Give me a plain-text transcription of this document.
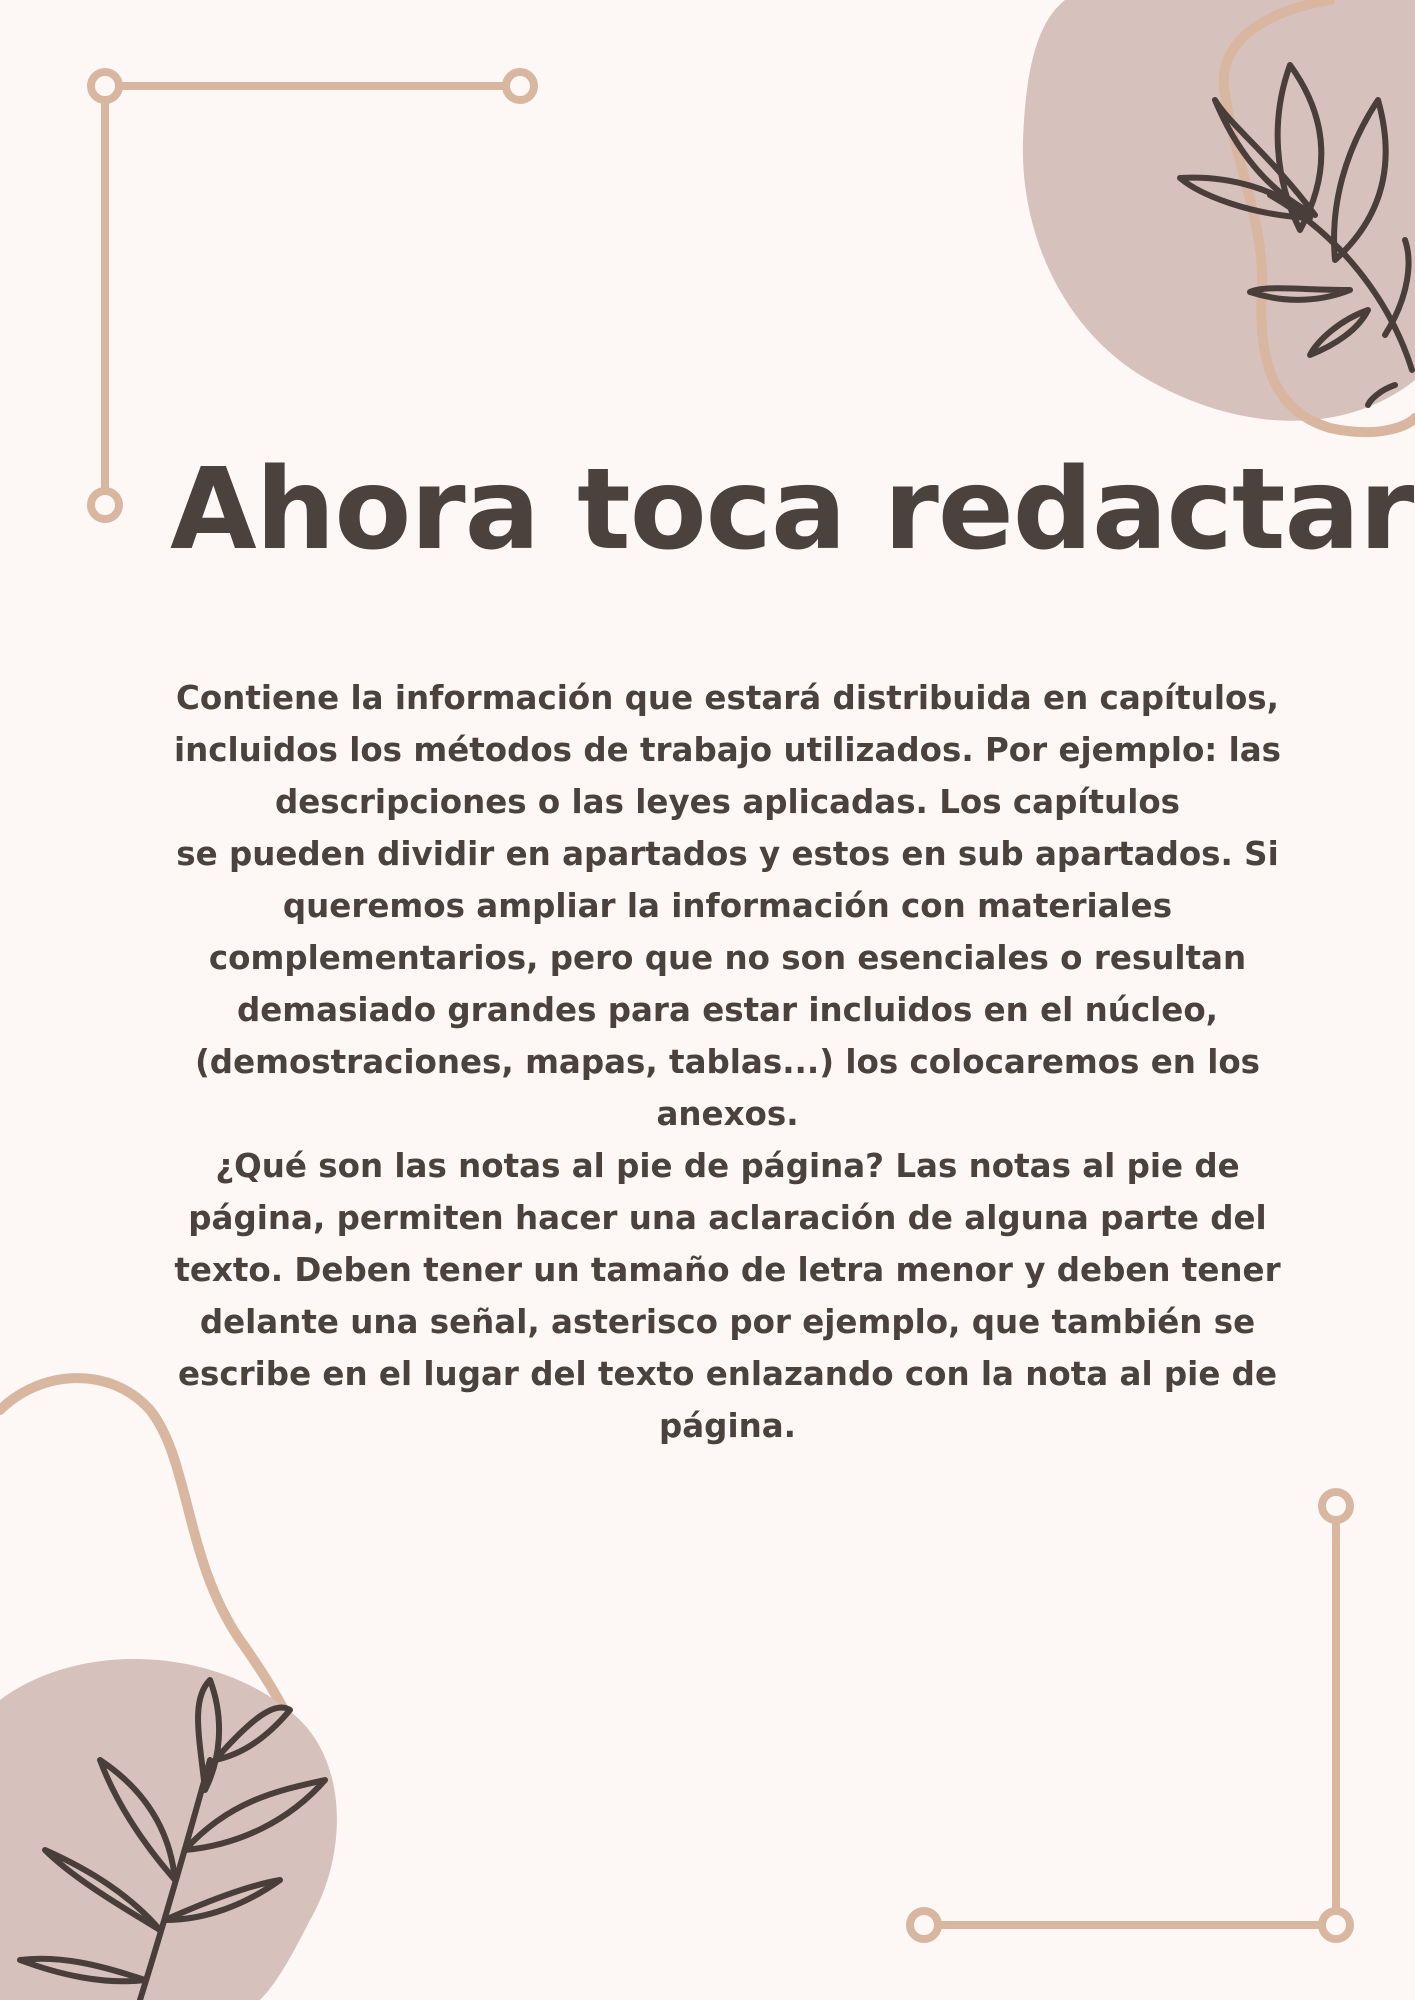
Ahora toca redactar
Contiene la información que estará distribuida en capítulos, incluidos los métodos de trabajo utilizados. Por ejemplo: las descripciones o las leyes aplicadas. Los capítulos
se pueden dividir en apartados y estos en sub apartados. Si queremos ampliar la información con materiales complementarios, pero que no son esenciales o resultan demasiado grandes para estar incluidos en el núcleo, (demostraciones, mapas, tablas...) los colocaremos en los anexos.
¿Qué son las notas al pie de página? Las notas al pie de página, permiten hacer una aclaración de alguna parte del texto. Deben tener un tamaño de letra menor y deben tener delante una señal, asterisco por ejemplo, que también se escribe en el lugar del texto enlazando con la nota al pie de página.
